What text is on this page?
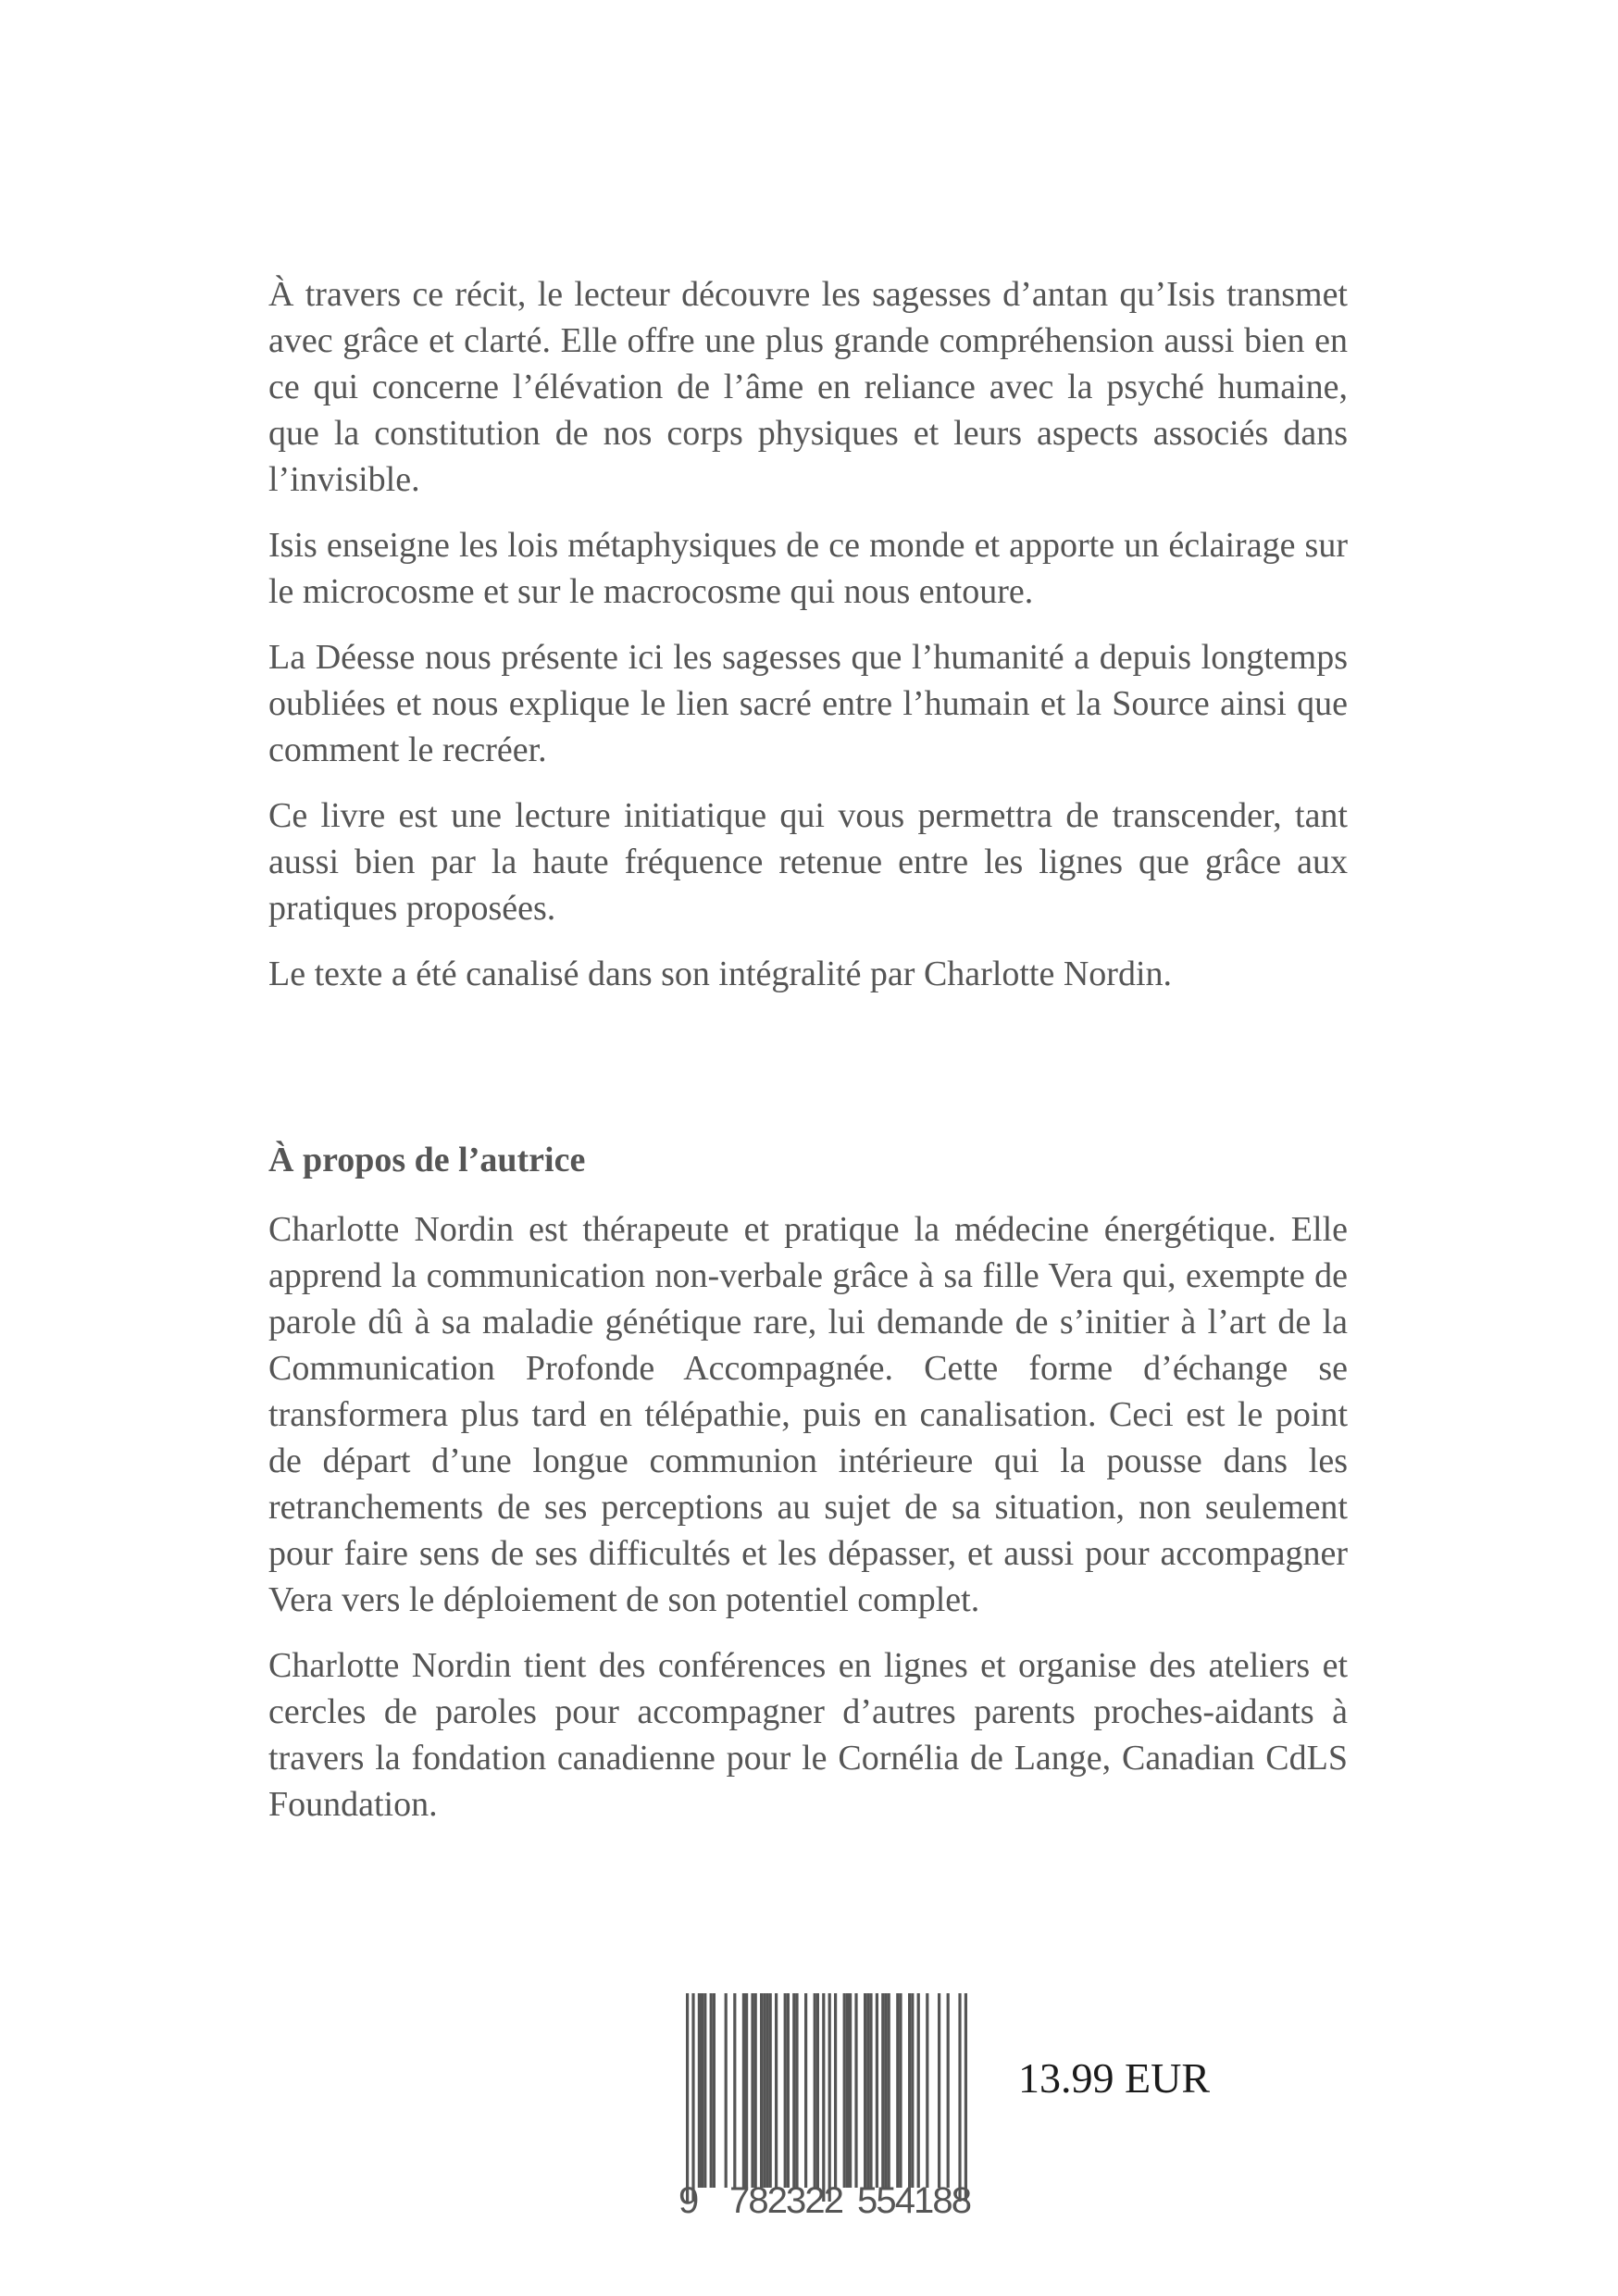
À travers ce récit, le lecteur découvre les sagesses d’antan qu’Isis transmet avec grâce et clarté. Elle offre une plus grande compréhension aussi bien en ce qui concerne l’élévation de l’âme en reliance avec la psyché humaine, que la constitution de nos corps physiques et leurs aspects associés dans l’invisible.

Isis enseigne les lois métaphysiques de ce monde et apporte un éclairage sur le microcosme et sur le macrocosme qui nous entoure.

La Déesse nous présente ici les sagesses que l’humanité a depuis longtemps oubliées et nous explique le lien sacré entre l’humain et la Source ainsi que comment le recréer.

Ce livre est une lecture initiatique qui vous permettra de transcender, tant aussi bien par la haute fréquence retenue entre les lignes que grâce aux pratiques proposées.

Le texte a été canalisé dans son intégralité par Charlotte Nordin.

À propos de l’autrice

Charlotte Nordin est thérapeute et pratique la médecine énergétique. Elle apprend la communication non-verbale grâce à sa fille Vera qui, exempte de parole dû à sa maladie génétique rare, lui demande de s’initier à l’art de la Communication Profonde Accompagnée. Cette forme d’échange se transformera plus tard en télépathie, puis en canalisation. Ceci est le point de départ d’une longue communion intérieure qui la pousse dans les retranchements de ses perceptions au sujet de sa situation, non seulement pour faire sens de ses difficultés et les dépasser, et aussi pour accompagner Vera vers le déploiement de son potentiel complet.

Charlotte Nordin tient des conférences en lignes et organise des ateliers et cercles de paroles pour accompagner d’autres parents proches-aidants à travers la fondation canadienne pour le Cornélia de Lange, Canadian CdLS Foundation.

9 782322 554188
13.99 EUR
